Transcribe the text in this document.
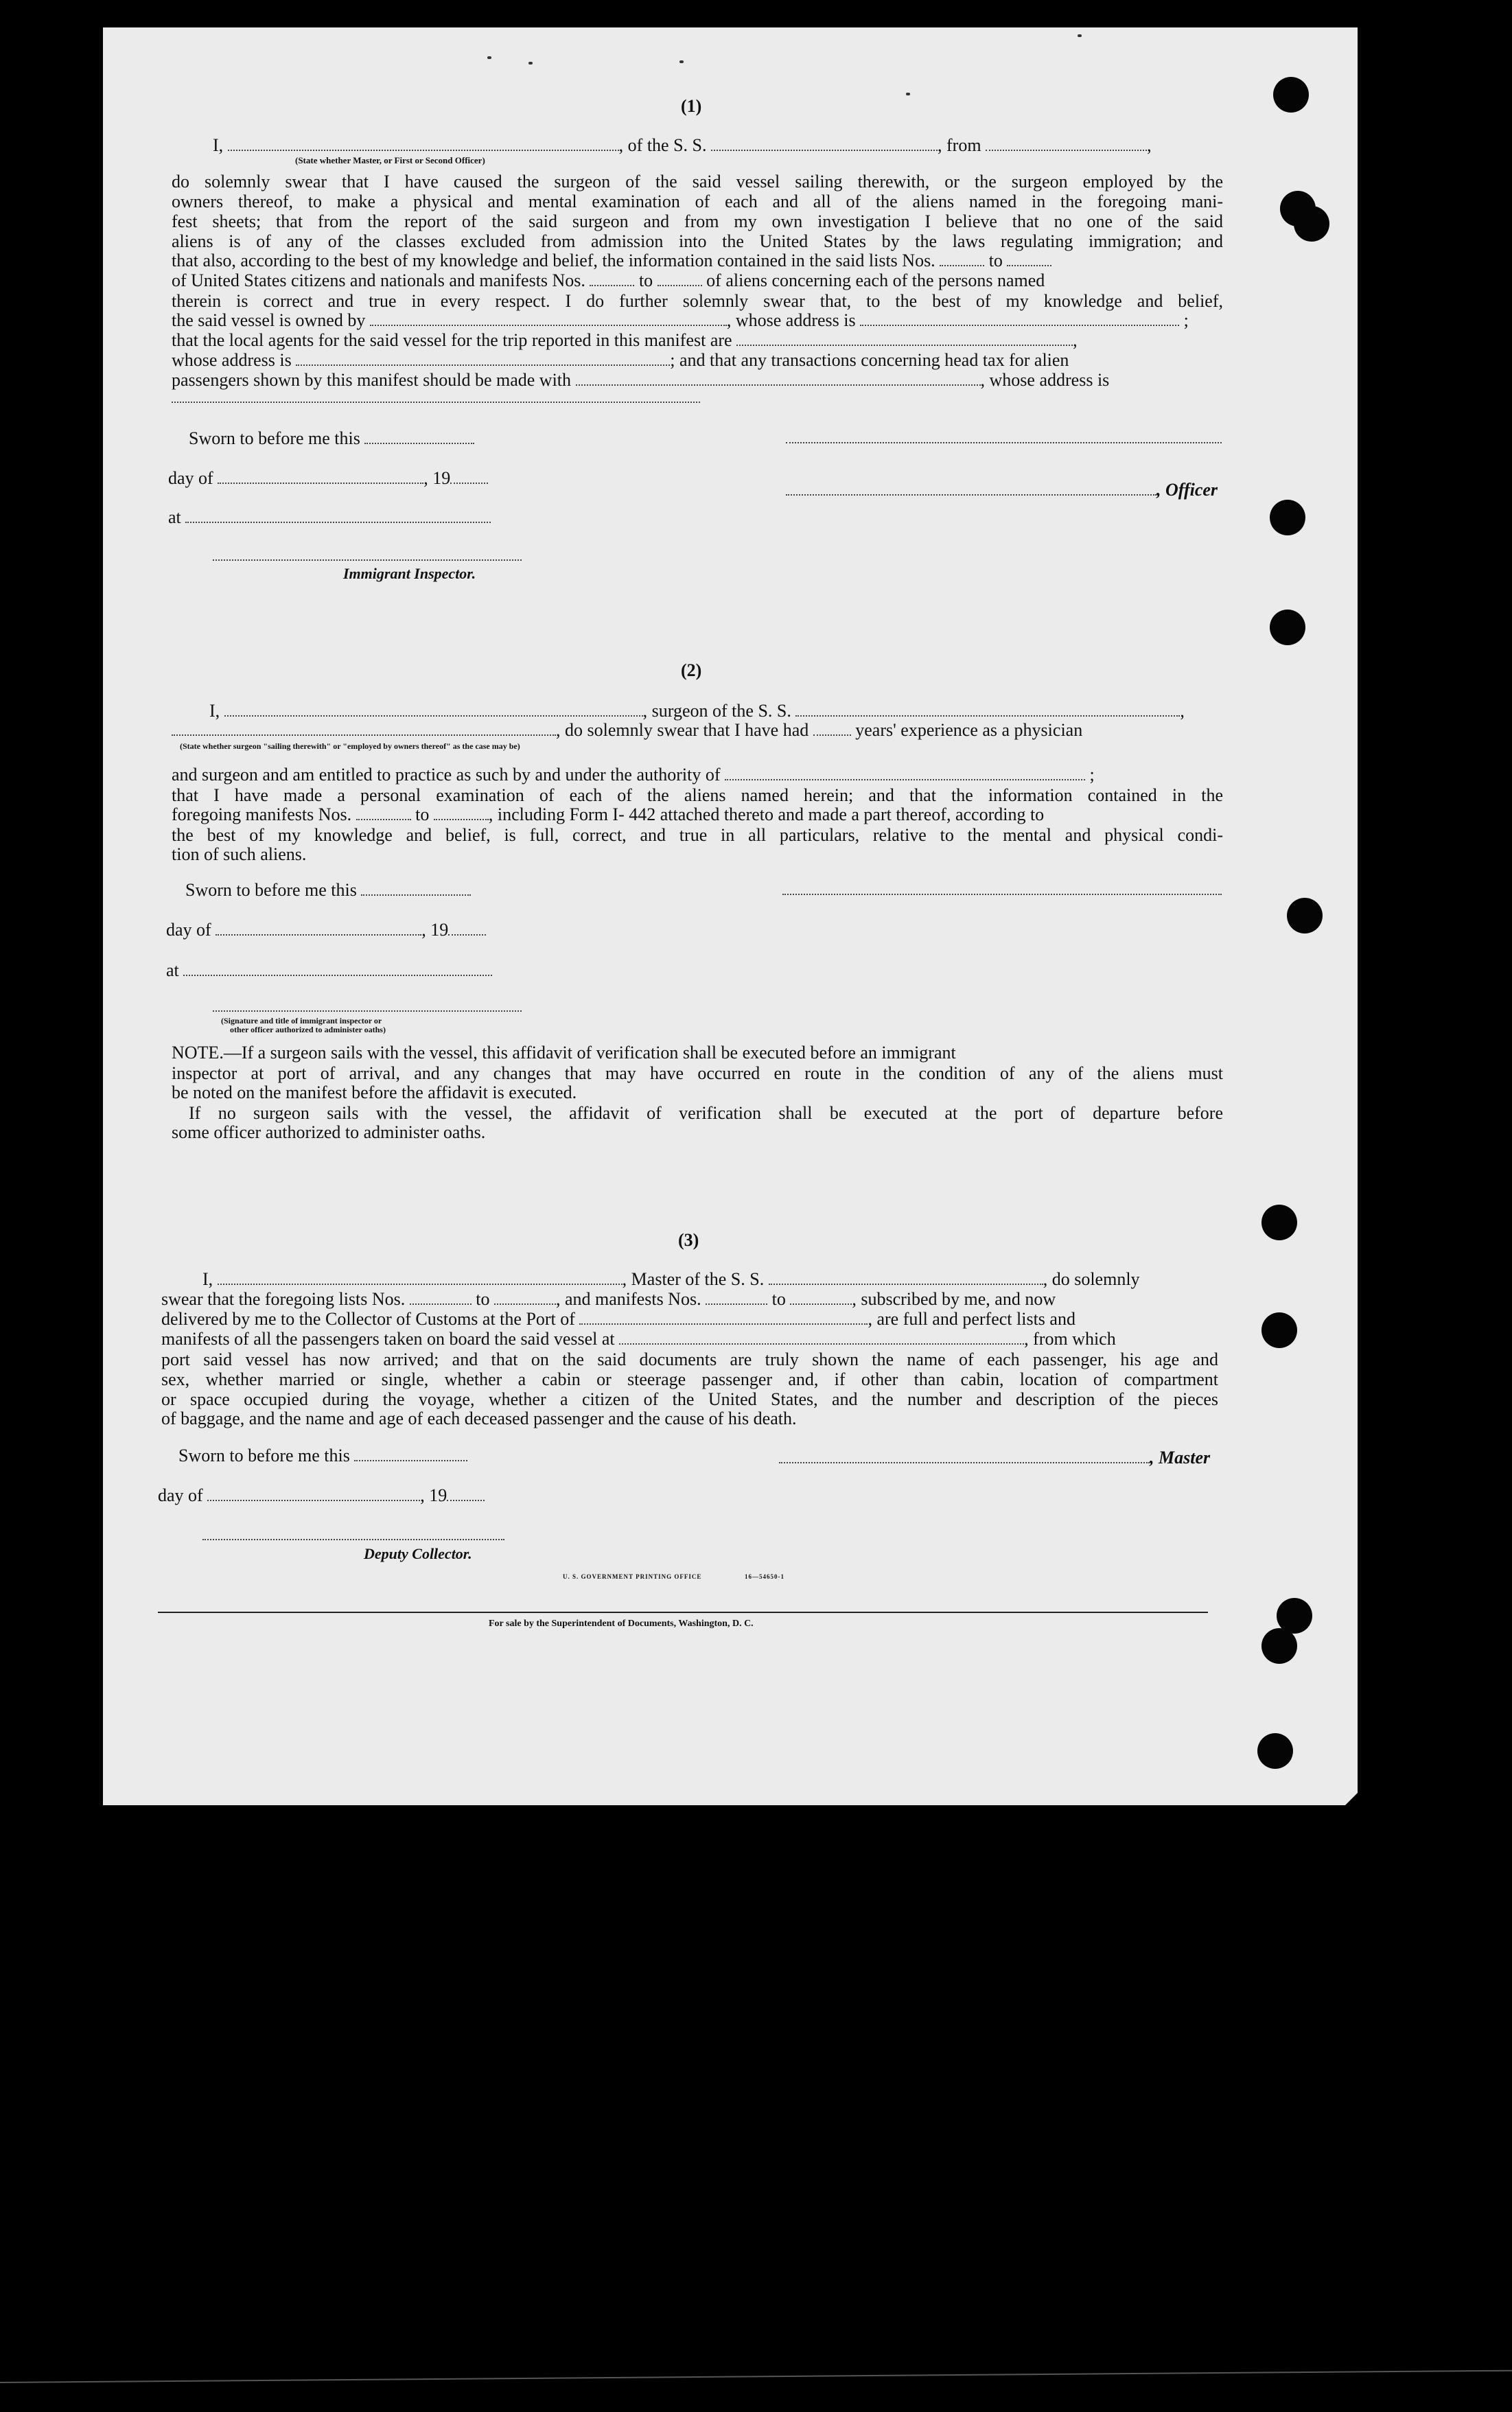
(1)
I,	, of the S. S.	, from	,
(State whether Master, or First or Second Officer)
do solemnly swear that I have caused the surgeon of the said vessel sailing therewith, or the surgeon employed by the
owners thereof, to make a physical and mental examination of each and all of the aliens named in the foregoing mani-
fest sheets; that from the report of the said surgeon and from my own investigation I believe that no one of the said
aliens is of any of the classes excluded from admission into the United States by the laws regulating immigration; and
that also, according to the best of my knowledge and belief, the information contained in the said lists Nos.	to
of United States citizens and nationals and manifests Nos.	to	of aliens concerning each of the persons named
therein is correct and true in every respect. I do further solemnly swear that, to the best of my knowledge and belief,
the said vessel is owned by	, whose address is	;
that the local agents for the said vessel for the trip reported in this manifest are	,
whose address is	; and that any transactions concerning head tax for alien
passengers shown by this manifest should be made with	, whose address is
Sworn to before me this
day of	, 19
, Officer
at
Immigrant Inspector.
(2)
I,	, surgeon of the S. S.	,
, do solemnly swear that I have had	years' experience as a physician
(State whether surgeon "sailing therewith" or "employed by owners thereof" as the case may be)
and surgeon and am entitled to practice as such by and under the authority of	;
that I have made a personal examination of each of the aliens named herein; and that the information contained in the
foregoing manifests Nos.	to	, including Form I- 442 attached thereto and made a part thereof, according to
the best of my knowledge and belief, is full, correct, and true in all particulars, relative to the mental and physical condi-
tion of such aliens.
Sworn to before me this
day of	, 19
at
(Signature and title of immigrant inspector or
other officer authorized to administer oaths)
NOTE.—If a surgeon sails with the vessel, this affidavit of verification shall be executed before an immigrant
inspector at port of arrival, and any changes that may have occurred en route in the condition of any of the aliens must
be noted on the manifest before the affidavit is executed.
If no surgeon sails with the vessel, the affidavit of verification shall be executed at the port of departure before
some officer authorized to administer oaths.
(3)
I,	, Master of the S. S.	, do solemnly
swear that the foregoing lists Nos.	to	, and manifests Nos.	to	, subscribed by me, and now
delivered by me to the Collector of Customs at the Port of	, are full and perfect lists and
manifests of all the passengers taken on board the said vessel at	, from which
port said vessel has now arrived; and that on the said documents are truly shown the name of each passenger, his age and
sex, whether married or single, whether a cabin or steerage passenger and, if other than cabin, location of compartment
or space occupied during the voyage, whether a citizen of the United States, and the number and description of the pieces
of baggage, and the name and age of each deceased passenger and the cause of his death.
Sworn to before me this	, Master
day of	, 19
Deputy Collector.
U. S. GOVERNMENT PRINTING OFFICE	16—54650-1
For sale by the Superintendent of Documents, Washington, D. C.
